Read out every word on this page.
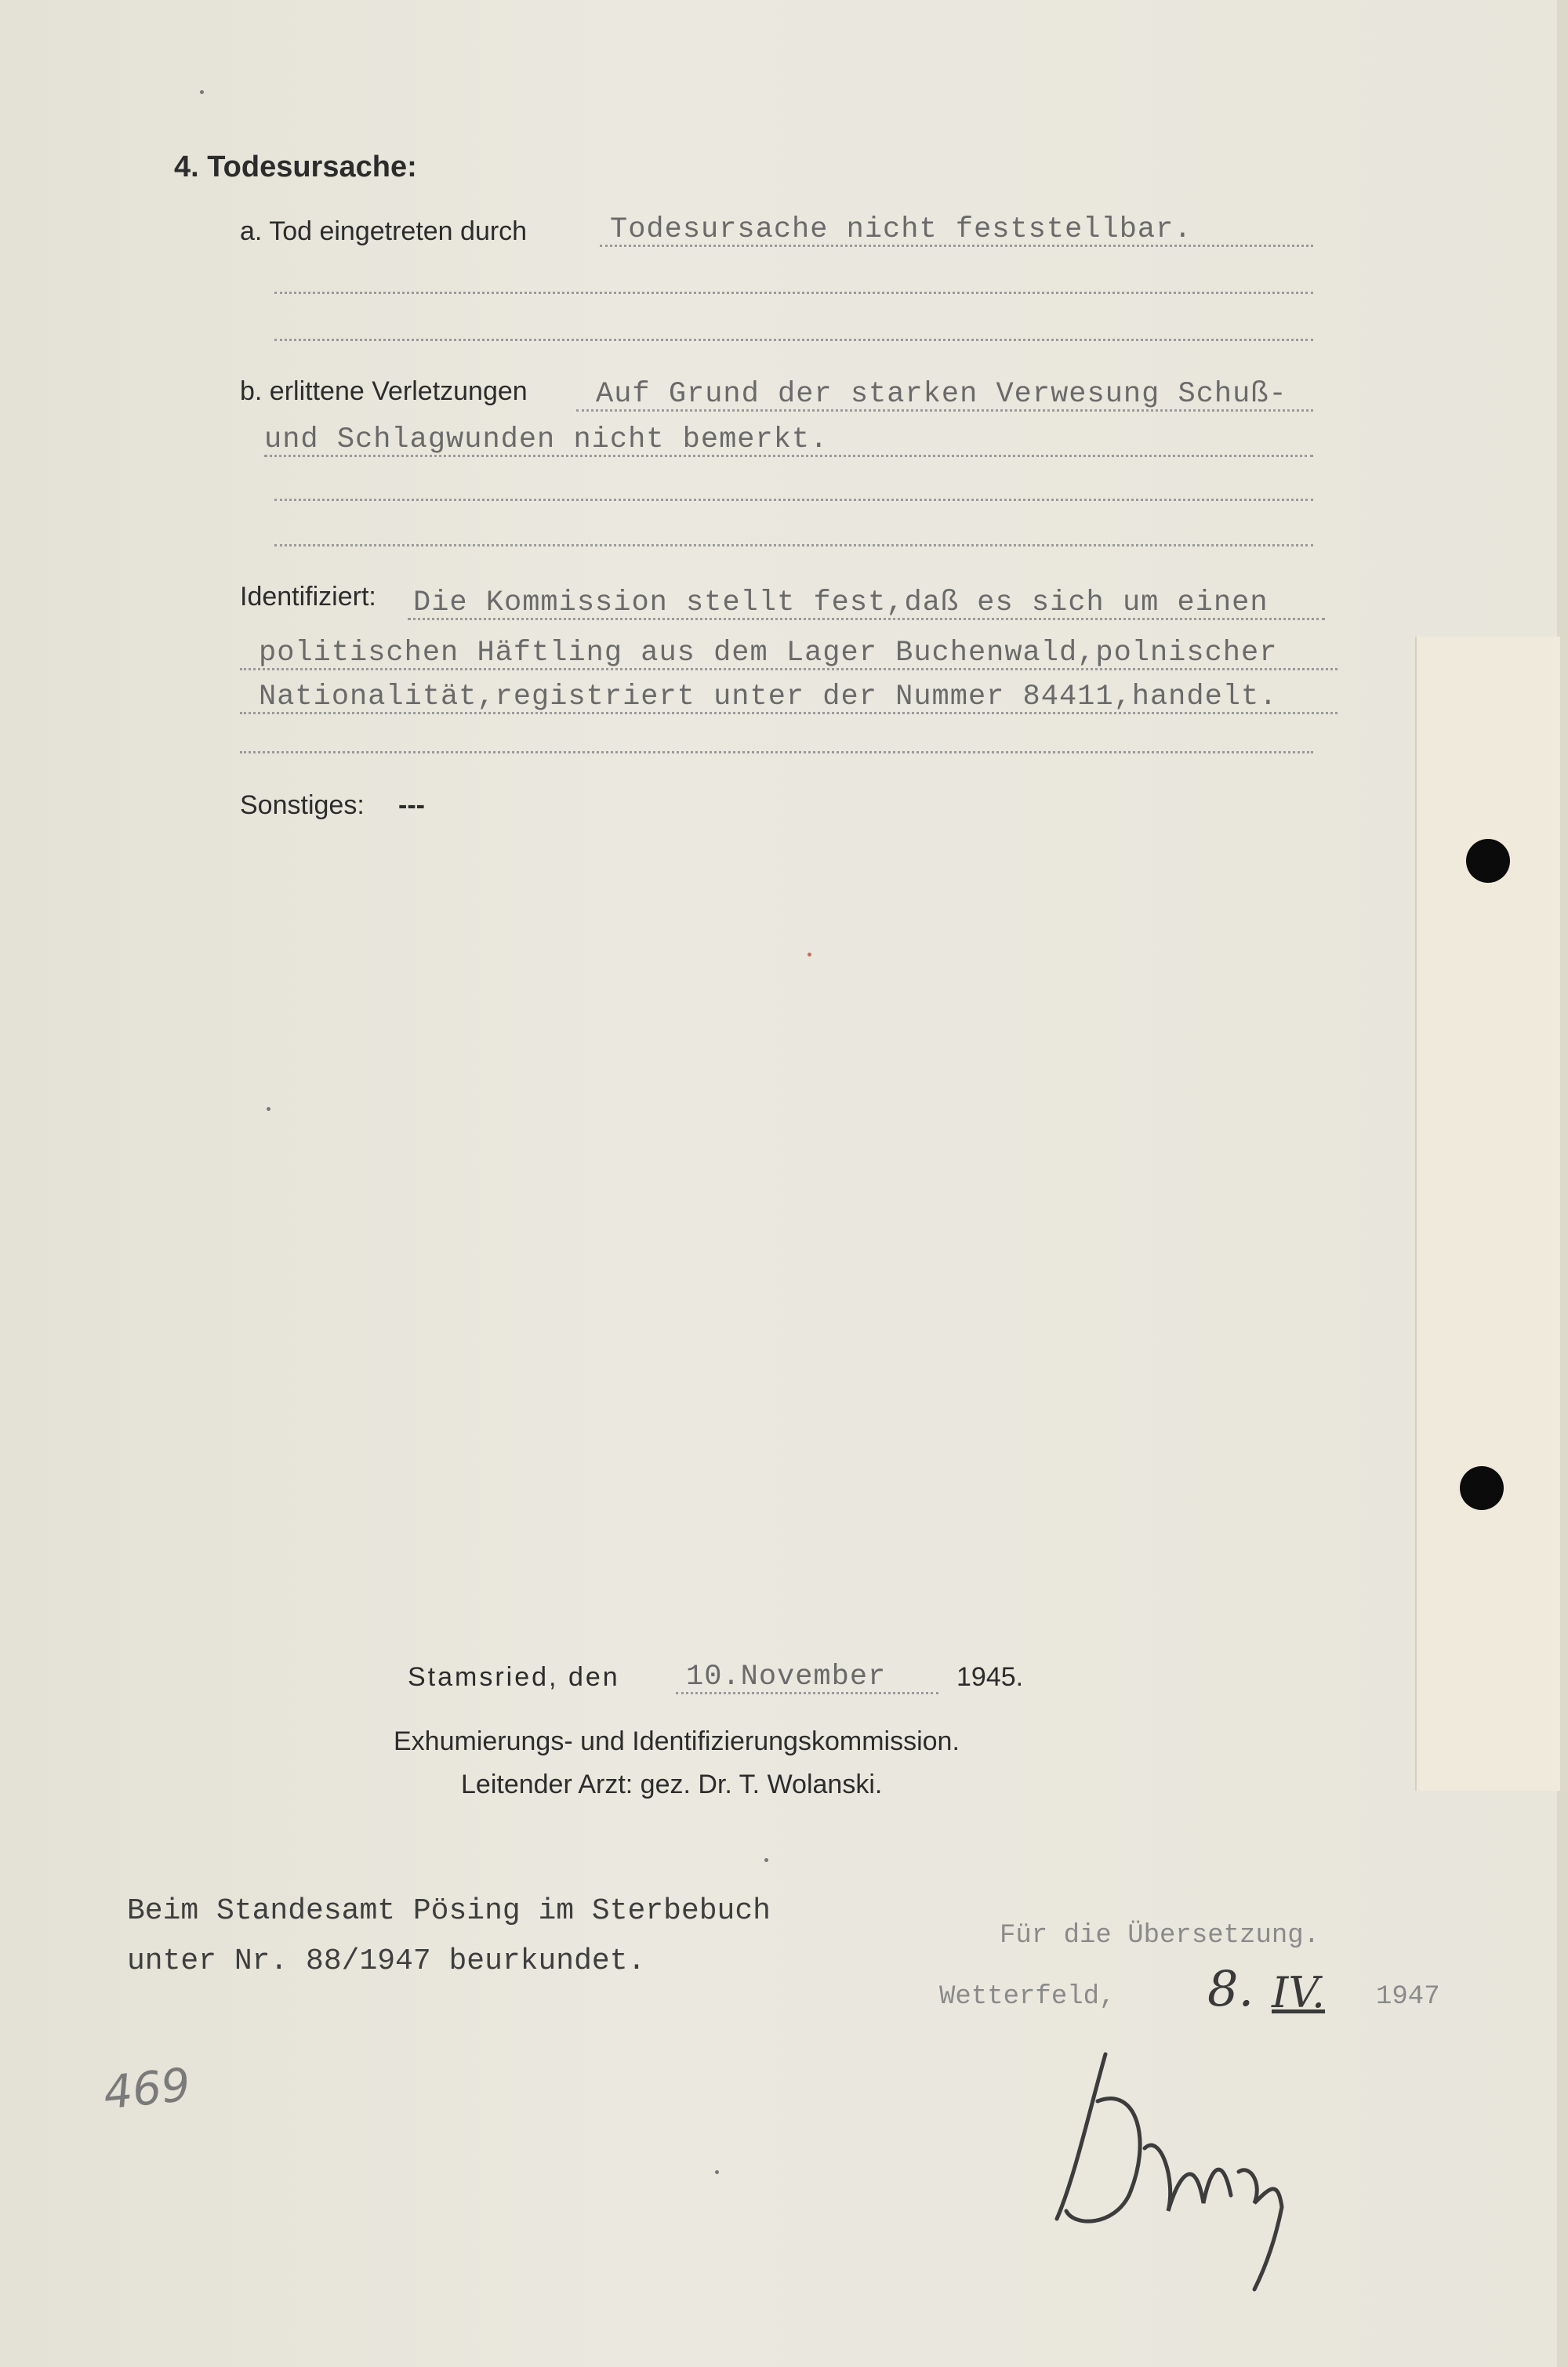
4. Todesursache:
a. Tod eingetreten durch	Todesursache nicht feststellbar.
b. erlittene Verletzungen Auf Grund der starken Verwesung Schuß-
und Schlagwunden nicht bemerkt.
Identifiziert: Die Kommission stellt fest,daß es sich um einen
politischen Häftling aus dem Lager Buchenwald,polnischer
Nationalität,registriert unter der Nummer 84411,handelt.
Sonstiges: ---
Stamsried, den 10.November	1945.
Exhumierungs- und Identifizierungskommission.
Leitender Arzt: gez. Dr. T. Wolanski.
Beim Standesamt Pösing im Sterbebuch
unter Nr. 88/1947 beurkundet.
Für die Übersetzung.
Wetterfeld, 8. IV. 1947
469
